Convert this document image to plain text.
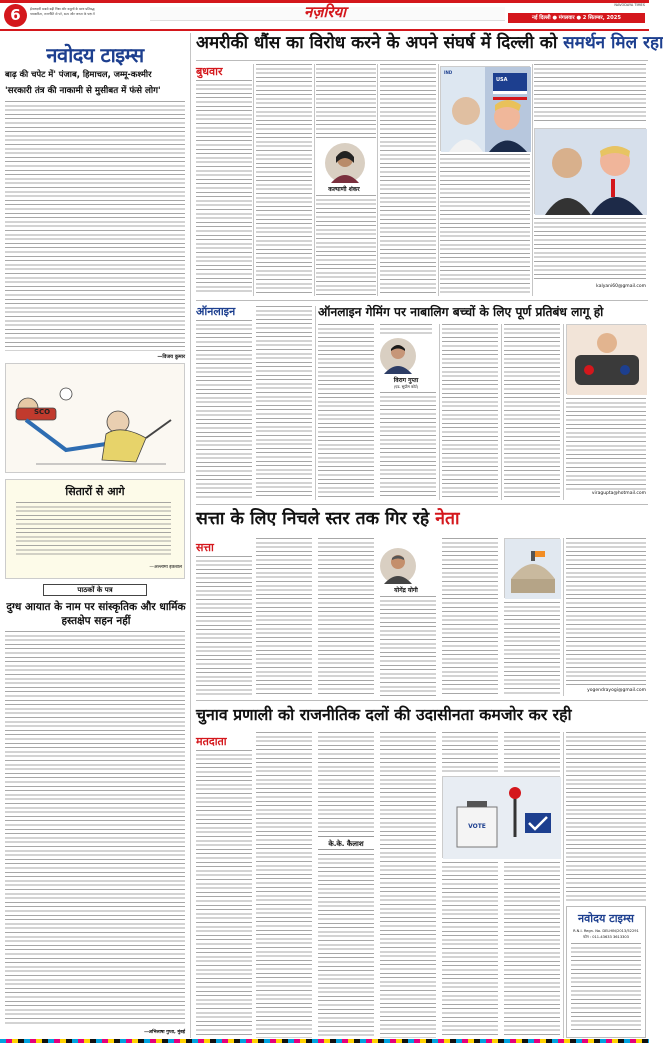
6	ईमानदारी सबसे बड़ी निष्ठा और वसूलों के साथ प्रतिबद्ध
पत्रकारिता, राजनीति से परे, सत्य और जनता के पक्ष में	नज़रिया	NAVODAYA TIMES
नई दिल्ली ● मंगलवार ● 2 सितम्बर, 2025
नवोदय टाइम्स
बाढ़ की चपेट में' पंजाब, हिमाचल, जम्मू-कश्मीर
'सरकारी तंत्र की नाकामी से मुसीबत में फंसे लोग'
—विजय कुमार
SCO
सितारों से आगे
—अल्लामा इकबाल
पाठकों के पत्र
दुग्ध आयात के नाम पर सांस्कृतिक और धार्मिक हस्तक्षेप सहन नहीं
—अभिलाषा गुप्ता, मुंबई
अमरीकी धौंस का विरोध करने के अपने संघर्ष में दिल्ली को समर्थन मिल रहा
बुधवार
कल्याणी शंकर
IND
USA
kalyani60@gmail.com
ऑनलाइन	ऑनलाइन गेमिंग पर नाबालिग बच्चों के लिए पूर्ण प्रतिबंध लागू हो
विराग गुप्ता
(एड. सुप्रीम कोर्ट)
viragupta@hotmail.com
सत्ता के लिए निचले स्तर तक गिर रहे नेता
सत्ता
योगेंद्र योगी
yogendrayogi@gmail.com
चुनाव प्रणाली को राजनीतिक दलों की उदासीनता कमजोर कर रही
मतदाता
के.के. कैलाश
VOTE
नवोदय टाइम्स
R.N.I. Regn. No. DELHIN/2013/52291
फोन : 011-43633 3613303
